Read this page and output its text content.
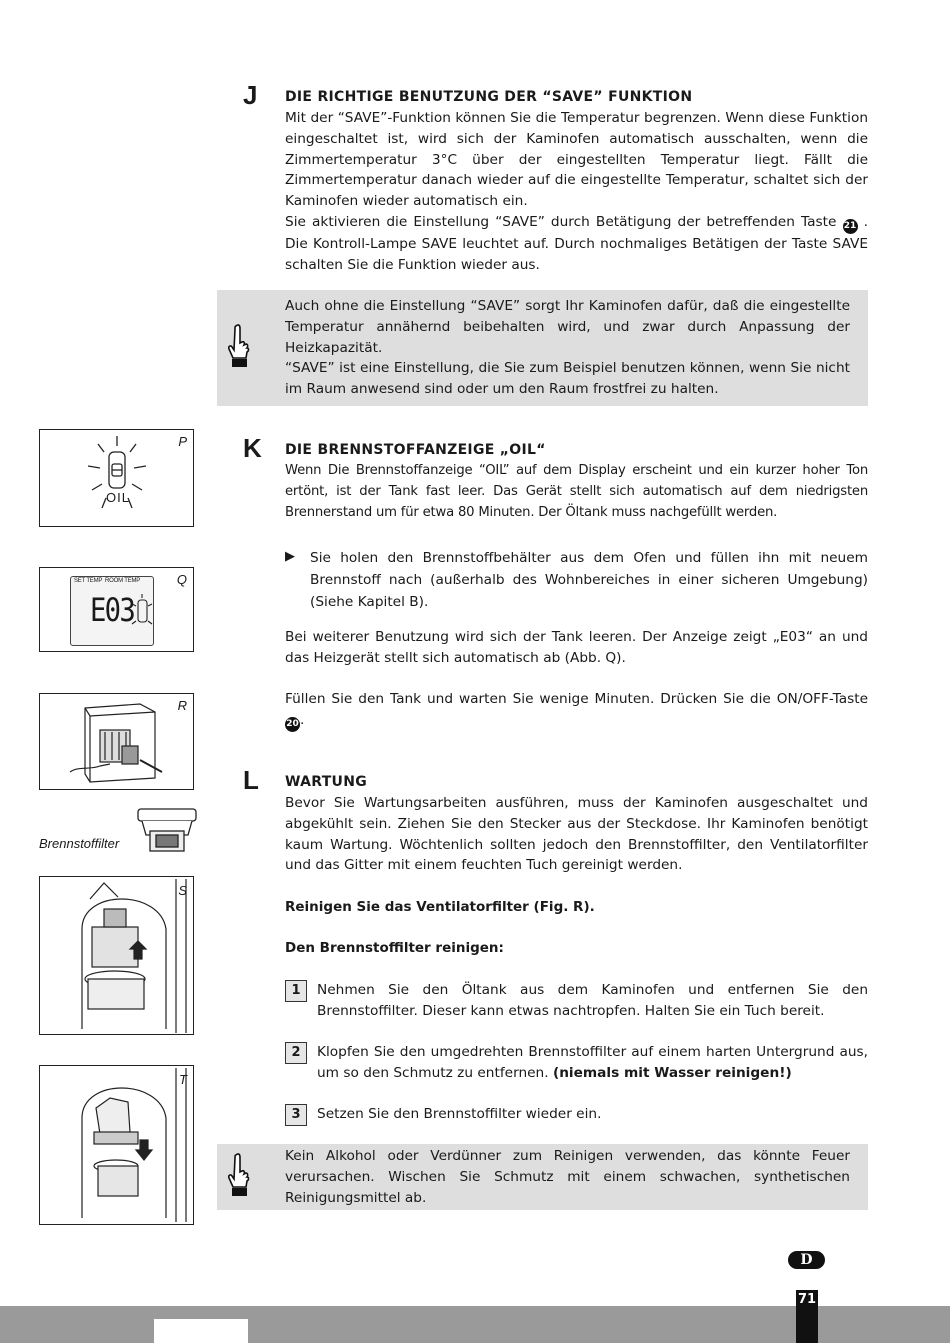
J DIE RICHTIGE BENUTZUNG DER “SAVE” FUNKTION

Mit der “SAVE”-Funktion können Sie die Temperatur begrenzen. Wenn diese Funktion eingeschaltet ist, wird sich der Kaminofen automatisch ausschalten, wenn die Zimmertemperatur 3°C über der eingestellten Temperatur liegt. Fällt die Zimmertemperatur danach wieder auf die eingestellte Temperatur, schaltet sich der Kaminofen wieder automatisch ein.
Sie aktivieren die Einstellung “SAVE” durch Betätigung der betreffenden Taste 21 . Die Kontroll-Lampe SAVE leuchtet auf. Durch nochmaliges Betätigen der Taste SAVE schalten Sie die Funktion wieder aus.

Auch ohne die Einstellung “SAVE” sorgt Ihr Kaminofen dafür, daß die eingestellte Temperatur annähernd beibehalten wird, und zwar durch Anpassung der Heizkapazität.
“SAVE” ist eine Einstellung, die Sie zum Beispiel benutzen können, wenn Sie nicht im Raum anwesend sind oder um den Raum frostfrei zu halten.

K DIE BRENNSTOFFANZEIGE „OIL“

Wenn Die Brennstoffanzeige “OIL” auf dem Display erscheint und ein kurzer hoher Ton ertönt, ist der Tank fast leer. Das Gerät stellt sich automatisch auf dem niedrigsten Brennerstand um für etwa 80 Minuten. Der Öltank muss nachgefüllt werden.

▶ Sie holen den Brennstoffbehälter aus dem Ofen und füllen ihn mit neuem Brennstoff nach (außerhalb des Wohnbereiches in einer sicheren Umgebung) (Siehe Kapitel B).

Bei weiterer Benutzung wird sich der Tank leeren. Der Anzeige zeigt „E03“ an und das Heizgerät stellt sich automatisch ab (Abb. Q).

Füllen Sie den Tank und warten Sie wenige Minuten. Drücken Sie die ON/OFF-Taste 20.

L WARTUNG

Bevor Sie Wartungsarbeiten ausführen, muss der Kaminofen ausgeschaltet und abgekühlt sein. Ziehen Sie den Stecker aus der Steckdose. Ihr Kaminofen benötigt kaum Wartung. Wöchtenlich sollten jedoch den Brennstoffilter, den Ventilatorfilter und das Gitter mit einem feuchten Tuch gereinigt werden.

Reinigen Sie das Ventilatorfilter (Fig. R).
Den Brennstoffilter reinigen:
1	Nehmen Sie den Öltank aus dem Kaminofen und entfernen Sie den Brennstoffilter. Dieser kann etwas nachtropfen. Halten Sie ein Tuch bereit.

2	Klopfen Sie den umgedrehten Brennstoffilter auf einem harten Untergrund aus, um so den Schmutz zu entfernen. (niemals mit Wasser reinigen!)

3	Setzen Sie den Brennstoffilter wieder ein.

Kein Alkohol oder Verdünner zum Reinigen verwenden, das könnte Feuer verursachen. Wischen Sie Schmutz mit einem schwachen, synthetischen Reinigungsmittel ab.

P
OIL
Q
SET TEMP  ROOM TEMP
E03
R
Brennstoffilter
S
T
D
71
